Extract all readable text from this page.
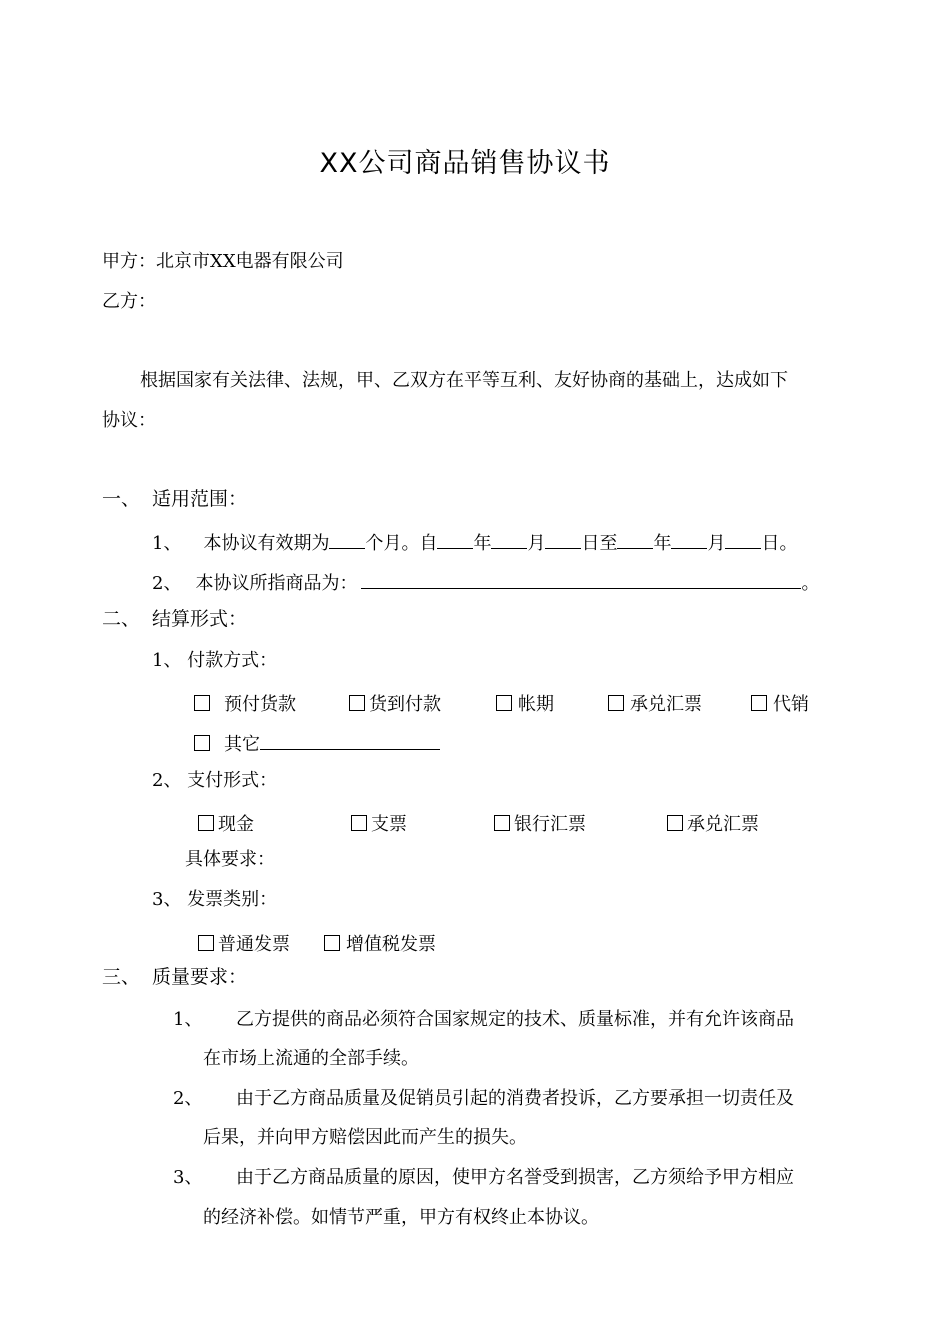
XX公司商品销售协议书
甲方：北京市XX电器有限公司
乙方：
根据国家有关法律、法规，甲、乙双方在平等互利、友好协商的基础上，达成如下
协议：
一、 适用范围：
1、 本协议有效期为 个月。自 年 月 日至 年 月 日。
2、 本协议所指商品为：	。
二、 结算形式：
1、 付款方式：
预付货款	货到付款	帐期	承兑汇票	代销
其它
2、 支付形式：
现金	支票	银行汇票	承兑汇票
具体要求：
3、 发票类别：
普通发票	增值税发票
三、 质量要求：
1、 乙方提供的商品必须符合国家规定的技术、质量标准，并有允许该商品
在市场上流通的全部手续。
2、 由于乙方商品质量及促销员引起的消费者投诉，乙方要承担一切责任及
后果，并向甲方赔偿因此而产生的损失。
3、 由于乙方商品质量的原因，使甲方名誉受到损害，乙方须给予甲方相应
的经济补偿。如情节严重，甲方有权终止本协议。
